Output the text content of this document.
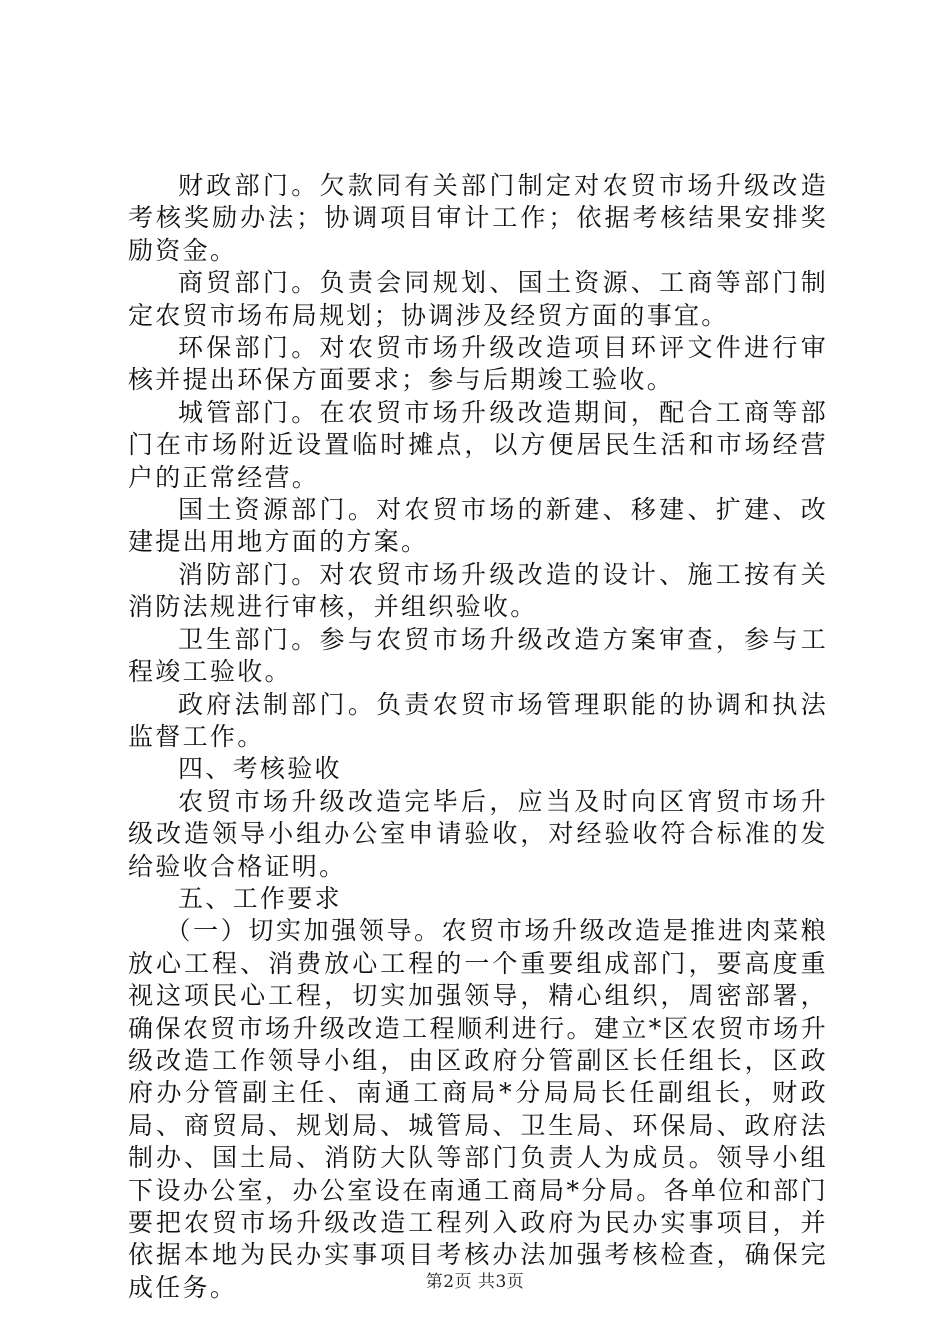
财政部门。欠款同有关部门制定对农贸市场升级改造考核奖励办法；协调项目审计工作；依据考核结果安排奖励资金。

商贸部门。负责会同规划、国土资源、工商等部门制定农贸市场布局规划；协调涉及经贸方面的事宜。

环保部门。对农贸市场升级改造项目环评文件进行审核并提出环保方面要求；参与后期竣工验收。

城管部门。在农贸市场升级改造期间，配合工商等部门在市场附近设置临时摊点，以方便居民生活和市场经营户的正常经营。

国土资源部门。对农贸市场的新建、移建、扩建、改建提出用地方面的方案。

消防部门。对农贸市场升级改造的设计、施工按有关消防法规进行审核，并组织验收。

卫生部门。参与农贸市场升级改造方案审查，参与工程竣工验收。

政府法制部门。负责农贸市场管理职能的协调和执法监督工作。

四、考核验收

农贸市场升级改造完毕后，应当及时向区宵贸市场升级改造领导小组办公室申请验收，对经验收符合标准的发给验收合格证明。

五、工作要求

（一）切实加强领导。农贸市场升级改造是推进肉菜粮放心工程、消费放心工程的一个重要组成部门，要高度重视这项民心工程，切实加强领导，精心组织，周密部署，确保农贸市场升级改造工程顺利进行。建立*区农贸市场升级改造工作领导小组，由区政府分管副区长任组长，区政府办分管副主任、南通工商局*分局局长任副组长，财政局、商贸局、规划局、城管局、卫生局、环保局、政府法制办、国土局、消防大队等部门负责人为成员。领导小组下设办公室，办公室设在南通工商局*分局。各单位和部门要把农贸市场升级改造工程列入政府为民办实事项目，并依据本地为民办实事项目考核办法加强考核检查，确保完成任务。	第2页 共3页
